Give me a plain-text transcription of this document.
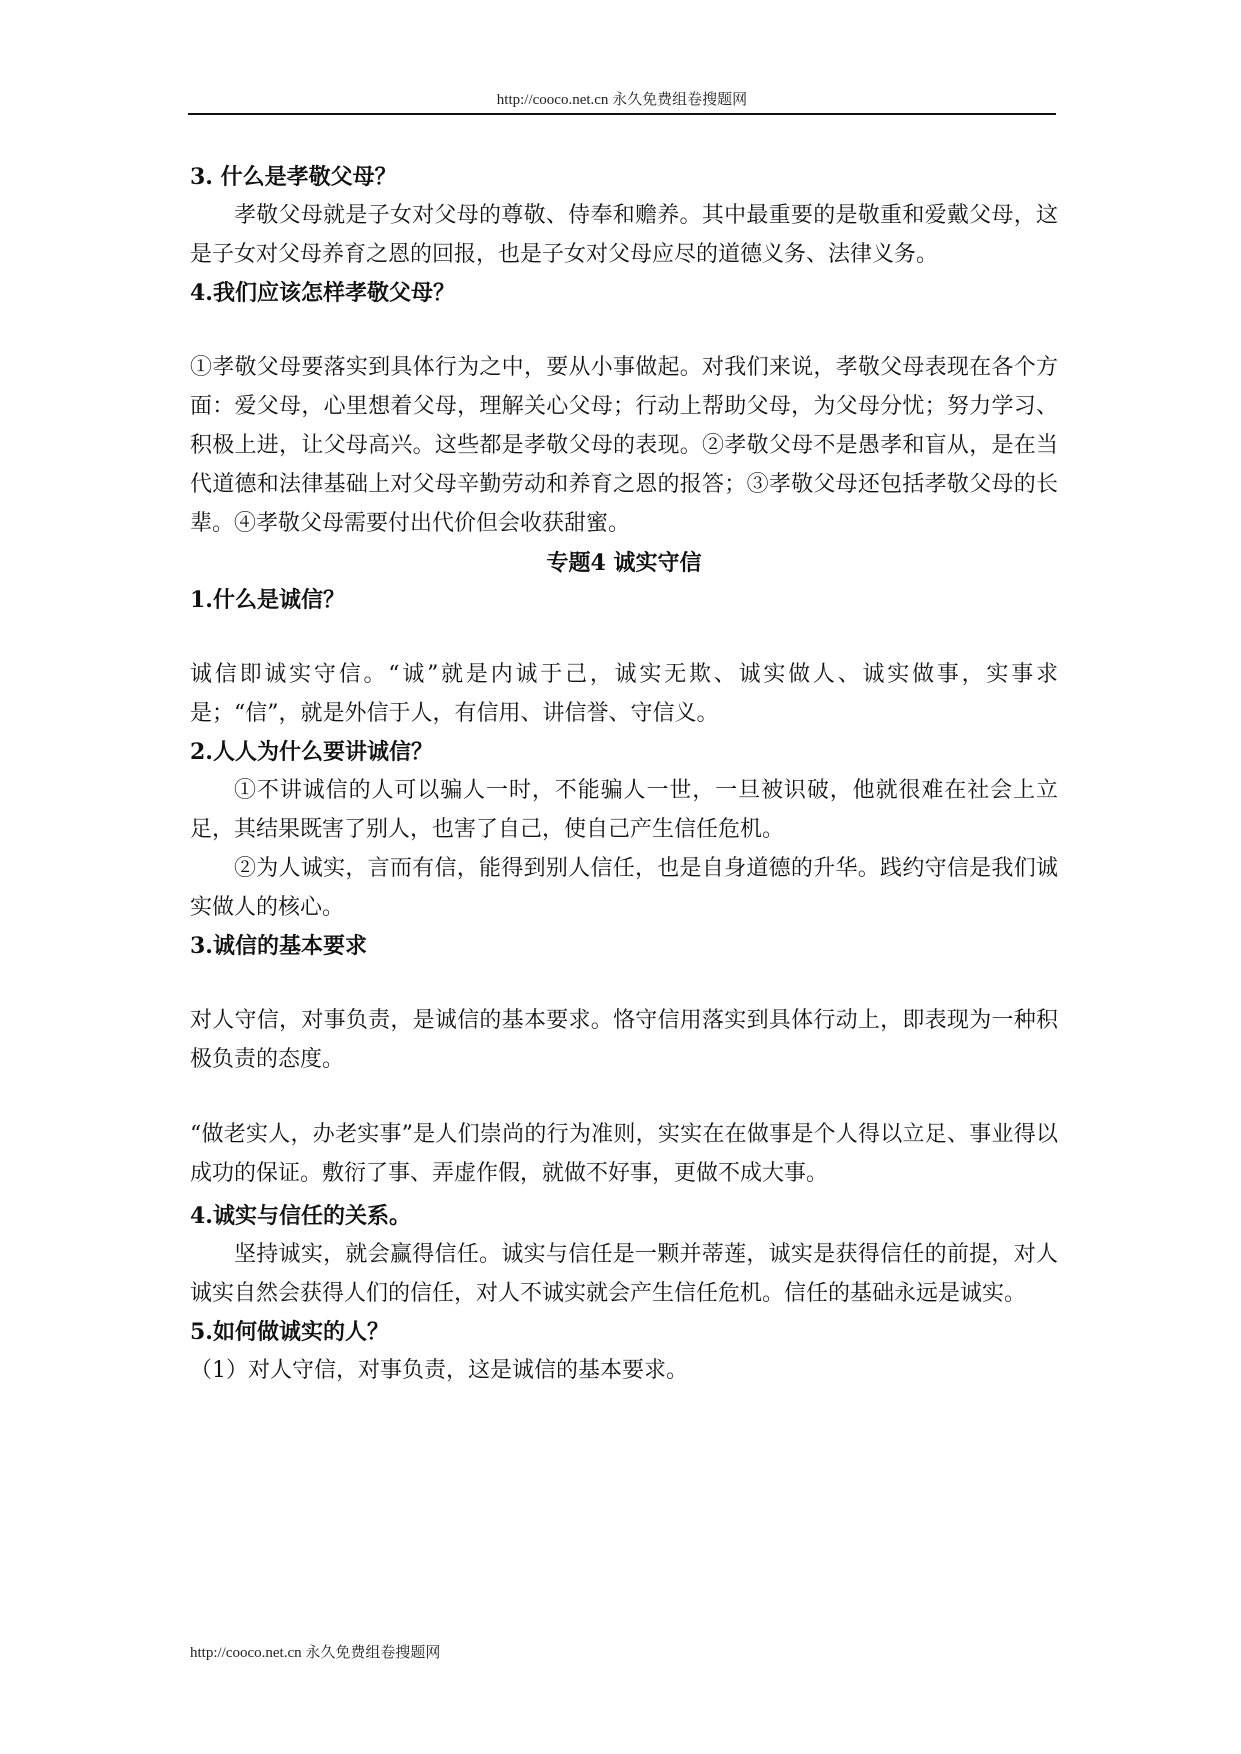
http://cooco.net.cn 永久免费组卷搜题网

3. 什么是孝敬父母？

孝敬父母就是子女对父母的尊敬、侍奉和赡养。其中最重要的是敬重和爱戴父母，这是子女对父母养育之恩的回报，也是子女对父母应尽的道德义务、法律义务。

4.我们应该怎样孝敬父母？

①孝敬父母要落实到具体行为之中，要从小事做起。对我们来说，孝敬父母表现在各个方面：爱父母，心里想着父母，理解关心父母；行动上帮助父母，为父母分忧；努力学习、积极上进，让父母高兴。这些都是孝敬父母的表现。②孝敬父母不是愚孝和盲从，是在当代道德和法律基础上对父母辛勤劳动和养育之恩的报答；③孝敬父母还包括孝敬父母的长辈。④孝敬父母需要付出代价但会收获甜蜜。

专题4 诚实守信

1.什么是诚信？

诚信即诚实守信。“诚”就是内诚于己，诚实无欺、诚实做人、诚实做事，实事求是；“信”，就是外信于人，有信用、讲信誉、守信义。

2.人人为什么要讲诚信？

①不讲诚信的人可以骗人一时，不能骗人一世，一旦被识破，他就很难在社会上立足，其结果既害了别人，也害了自己，使自己产生信任危机。

②为人诚实，言而有信，能得到别人信任，也是自身道德的升华。践约守信是我们诚实做人的核心。

3.诚信的基本要求

对人守信，对事负责，是诚信的基本要求。恪守信用落实到具体行动上，即表现为一种积极负责的态度。

“做老实人，办老实事”是人们崇尚的行为准则，实实在在做事是个人得以立足、事业得以成功的保证。敷衍了事、弄虚作假，就做不好事，更做不成大事。

4.诚实与信任的关系。

坚持诚实，就会赢得信任。诚实与信任是一颗并蒂莲，诚实是获得信任的前提，对人诚实自然会获得人们的信任，对人不诚实就会产生信任危机。信任的基础永远是诚实。

5.如何做诚实的人？

（1）对人守信，对事负责，这是诚信的基本要求。

http://cooco.net.cn 永久免费组卷搜题网
